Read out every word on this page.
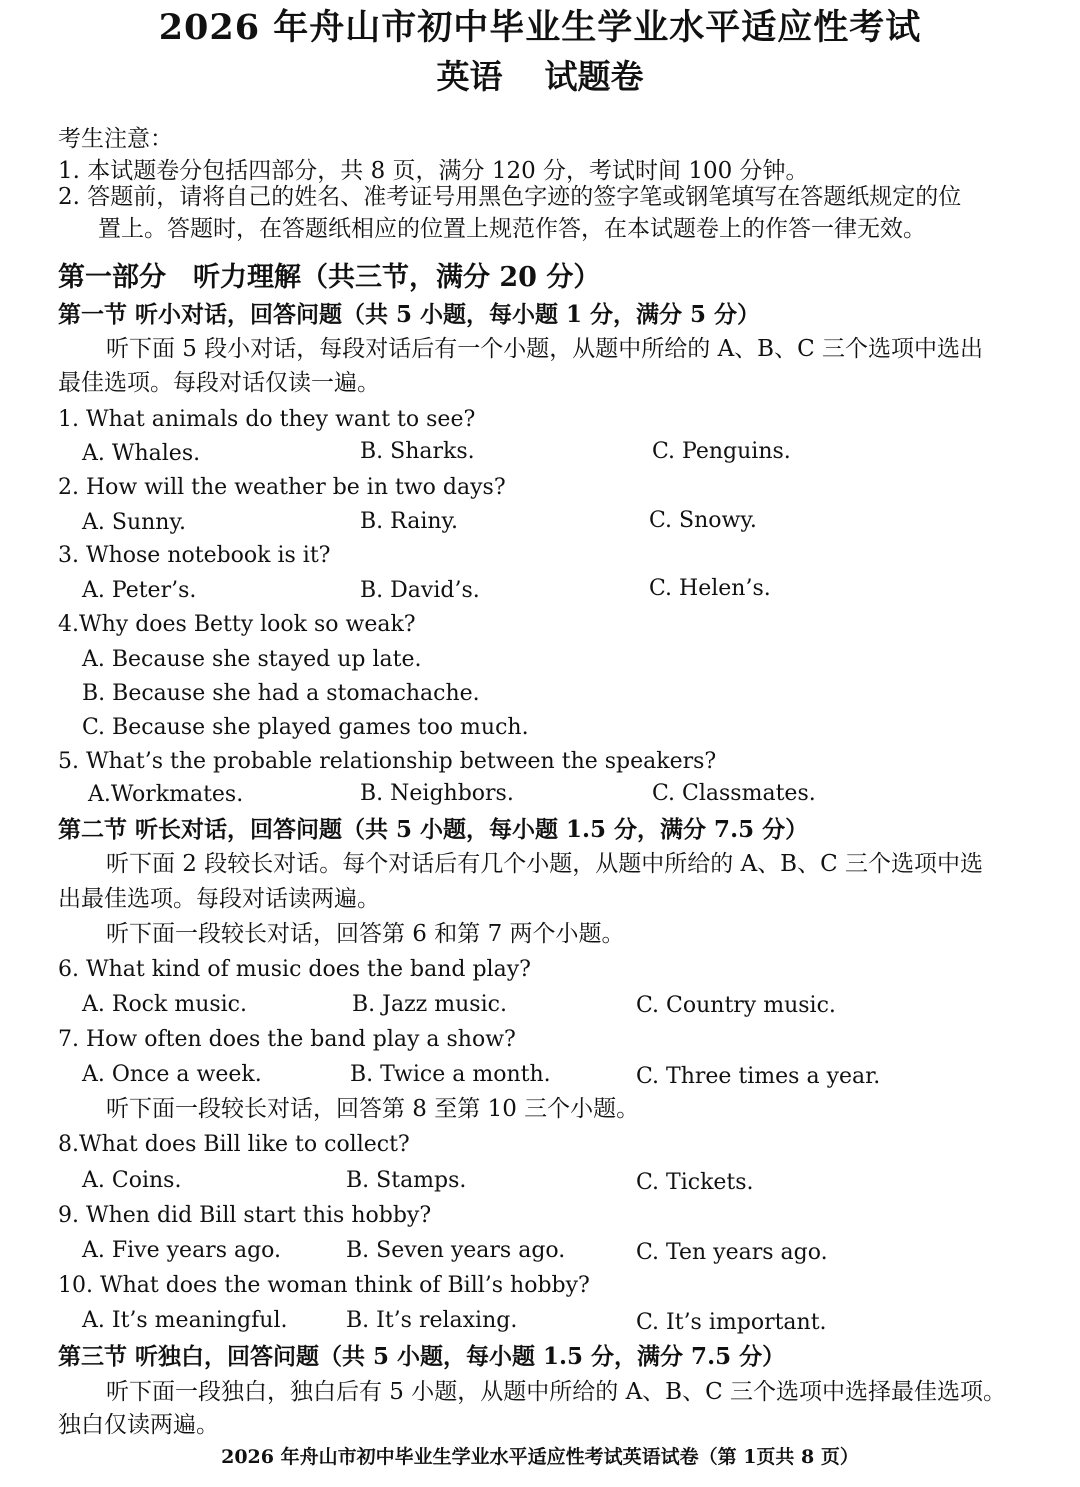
2026 年舟山市初中毕业生学业水平适应性考试
英语 试题卷
考生注意：
1. 本试题卷分包括四部分，共 8 页，满分 120 分，考试时间 100 分钟。
2. 答题前，请将自己的姓名、准考证号用黑色字迹的签字笔或钢笔填写在答题纸规定的位
置上。答题时，在答题纸相应的位置上规范作答，在本试题卷上的作答一律无效。
第一部分　听力理解（共三节，满分 20 分）
第一节 听小对话，回答问题（共 5 小题，每小题 1 分，满分 5 分）
听下面 5 段小对话，每段对话后有一个小题，从题中所给的 A、B、C 三个选项中选出
最佳选项。每段对话仅读一遍。
1. What animals do they want to see?
A. Whales.	B. Sharks.	C. Penguins.
2. How will the weather be in two days?
A. Sunny.	B. Rainy.	C. Snowy.
3. Whose notebook is it?
A. Peter’s.	B. David’s.	C. Helen’s.
4.Why does Betty look so weak?
A. Because she stayed up late.
B. Because she had a stomachache.
C. Because she played games too much.
5. What’s the probable relationship between the speakers?
A.Workmates.	B. Neighbors.	C. Classmates.
第二节 听长对话，回答问题（共 5 小题，每小题 1.5 分，满分 7.5 分）
听下面 2 段较长对话。每个对话后有几个小题，从题中所给的 A、B、C 三个选项中选
出最佳选项。每段对话读两遍。
听下面一段较长对话，回答第 6 和第 7 两个小题。
6. What kind of music does the band play?
A. Rock music.	B. Jazz music.	C. Country music.
7. How often does the band play a show?
A. Once a week.	B. Twice a month.	C. Three times a year.
听下面一段较长对话，回答第 8 至第 10 三个小题。
8.What does Bill like to collect?
A. Coins.	B. Stamps.	C. Tickets.
9. When did Bill start this hobby?
A. Five years ago.	B. Seven years ago.	C. Ten years ago.
10. What does the woman think of Bill’s hobby?
A. It’s meaningful.	B. It’s relaxing.	C. It’s important.
第三节 听独白，回答问题（共 5 小题，每小题 1.5 分，满分 7.5 分）
听下面一段独白，独白后有 5 小题，从题中所给的 A、B、C 三个选项中选择最佳选项。
独白仅读两遍。
2026 年舟山市初中毕业生学业水平适应性考试英语试卷（第 1页共 8 页）
